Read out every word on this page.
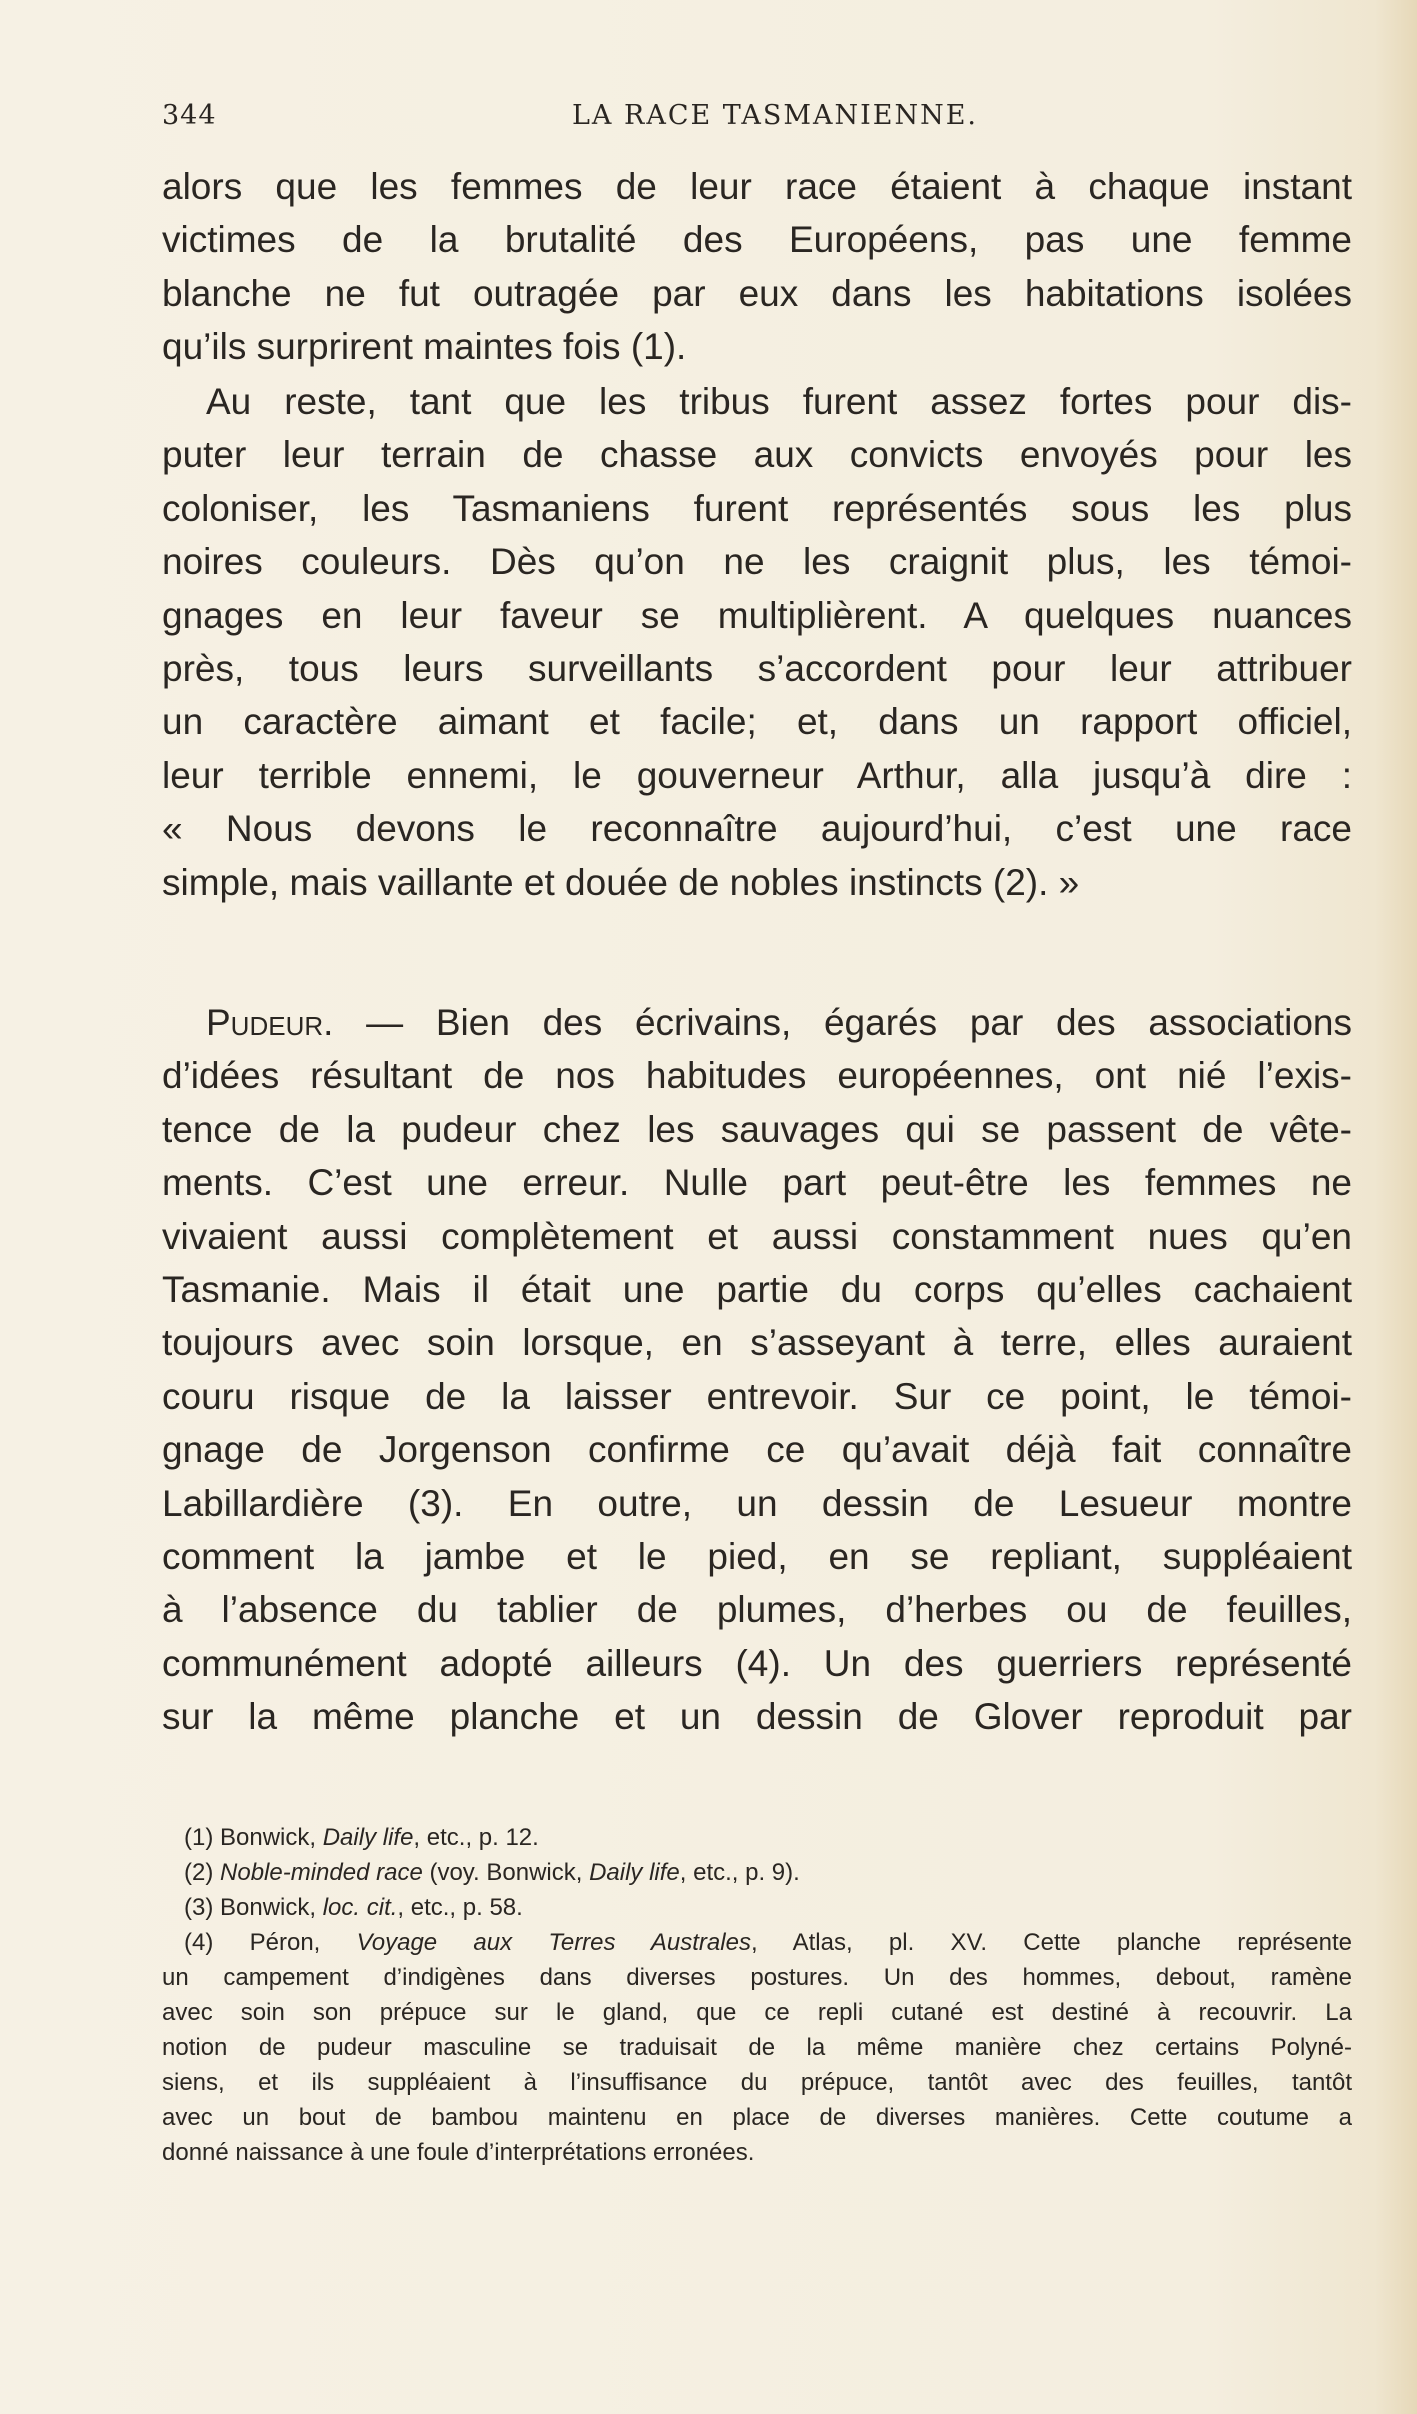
344	LA RACE TASMANIENNE.
alors que les femmes de leur race étaient à chaque instant
victimes de la brutalité des Européens, pas une femme
blanche ne fut outragée par eux dans les habitations isolées
qu’ils surprirent maintes fois (1).
Au reste, tant que les tribus furent assez fortes pour dis-
puter leur terrain de chasse aux convicts envoyés pour les
coloniser, les Tasmaniens furent représentés sous les plus
noires couleurs. Dès qu’on ne les craignit plus, les témoi-
gnages en leur faveur se multiplièrent. A quelques nuances
près, tous leurs surveillants s’accordent pour leur attribuer
un caractère aimant et facile; et, dans un rapport officiel,
leur terrible ennemi, le gouverneur Arthur, alla jusqu’à dire :
« Nous devons le reconnaître aujourd’hui, c’est une race
simple, mais vaillante et douée de nobles instincts (2). »
Pudeur. — Bien des écrivains, égarés par des associations
d’idées résultant de nos habitudes européennes, ont nié l’exis-
tence de la pudeur chez les sauvages qui se passent de vête-
ments. C’est une erreur. Nulle part peut-être les femmes ne
vivaient aussi complètement et aussi constamment nues qu’en
Tasmanie. Mais il était une partie du corps qu’elles cachaient
toujours avec soin lorsque, en s’asseyant à terre, elles auraient
couru risque de la laisser entrevoir. Sur ce point, le témoi-
gnage de Jorgenson confirme ce qu’avait déjà fait connaître
Labillardière (3). En outre, un dessin de Lesueur montre
comment la jambe et le pied, en se repliant, suppléaient
à l’absence du tablier de plumes, d’herbes ou de feuilles,
communément adopté ailleurs (4). Un des guerriers représenté
sur la même planche et un dessin de Glover reproduit par
(1) Bonwick, Daily life, etc., p. 12.
(2) Noble-minded race (voy. Bonwick, Daily life, etc., p. 9).
(3) Bonwick, loc. cit., etc., p. 58.
(4) Péron, Voyage aux Terres Australes, Atlas, pl. XV. Cette planche représente
un campement d’indigènes dans diverses postures. Un des hommes, debout, ramène
avec soin son prépuce sur le gland, que ce repli cutané est destiné à recouvrir. La
notion de pudeur masculine se traduisait de la même manière chez certains Polyné-
siens, et ils suppléaient à l’insuffisance du prépuce, tantôt avec des feuilles, tantôt
avec un bout de bambou maintenu en place de diverses manières. Cette coutume a
donné naissance à une foule d’interprétations erronées.
